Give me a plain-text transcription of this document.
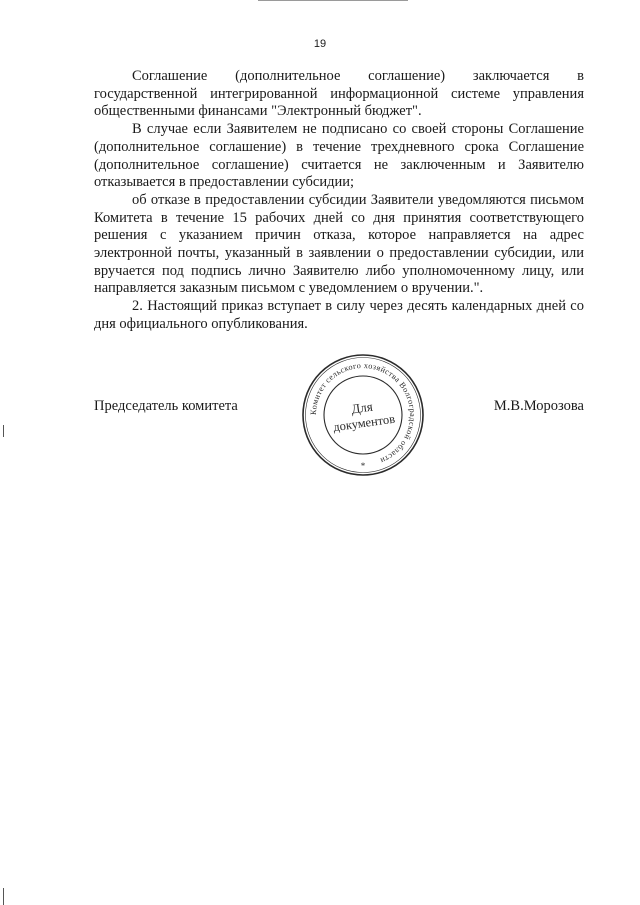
19

Соглашение (дополнительное соглашение) заключается в государственной интегрированной информационной системе управления общественными финансами "Электронный бюджет".

В случае если Заявителем не подписано со своей стороны Соглашение (дополнительное соглашение) в течение трехдневного срока Соглашение (дополнительное соглашение) считается не заключенным и Заявителю отказывается в предоставлении субсидии;

об отказе в предоставлении субсидии Заявители уведомляются письмом Комитета в течение 15 рабочих дней со дня принятия соответствующего решения с указанием причин отказа, которое направляется на адрес электронной почты, указанный в заявлении о предоставлении субсидии, или вручается под подпись лично Заявителю либо уполномоченному лицу, или направляется заказным письмом с уведомлением о вручении.".

2. Настоящий приказ вступает в силу через десять календарных дней со дня официального опубликования.

Председатель комитета	М.В.Морозова
Комитет сельского хозяйства Волгоградской области
Для
документов
*
